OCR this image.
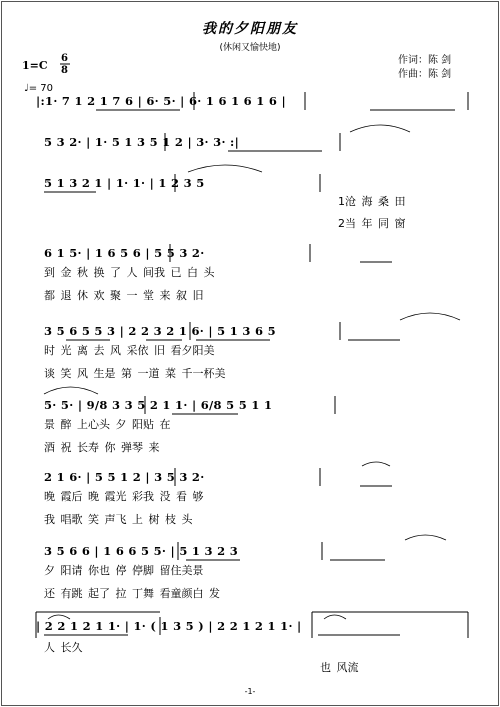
我的夕阳朋友
(休闲又愉快地)
作词：陈 剑
作曲：陈 剑
1=C
6
8
♩= 70
|:1· 7 1 2 1 7 6 | 6· 5· | 6· 1 6 1 6 1 6 |
5 3 2· | 1· 5 1 3 5 1 2 | 3· 3· :|
5 1 3 2 1 | 1· 1· | 1 2 3 5
1沧 海 桑 田
2当 年 同 窗
6 1 5· | 1 6 5 6 | 5 5 3 2·
到 金 秋 换 了 人 间我 已 白 头
都 退 休 欢 聚 一 堂 来 叙 旧
3 5 6 5 5 3 | 2 2 3 2 1 6· | 5 1 3 6 5
时 光 离 去 风 采依 旧 看夕阳美
谈 笑 风 生是 第 一道 菜 千一杯美
5· 5· | 9/8 3 3 5 2 1 1· | 6/8 5 5 1 1
景 醉 上心头 夕 阳贴 在
酒 祝 长寿 你 弹琴 来
2 1 6· | 5 5 1 2 | 3 5 3 2·
晚 霞后 晚 霞光 彩我 没 看 够
我 唱歌 笑 声飞 上 树 枝 头
3 5 6 6 | 1 6 6 5 5· | 5 1 3 2 3
夕 阳请 你也 停 停脚 留住美景
还 有跳 起了 拉 丁舞 看童颜白 发
| 2 2 1 2 1 1· | 1· ( 1 3 5 ) | 2 2 1 2 1 1· |
人 长久
也 风流
-1-
